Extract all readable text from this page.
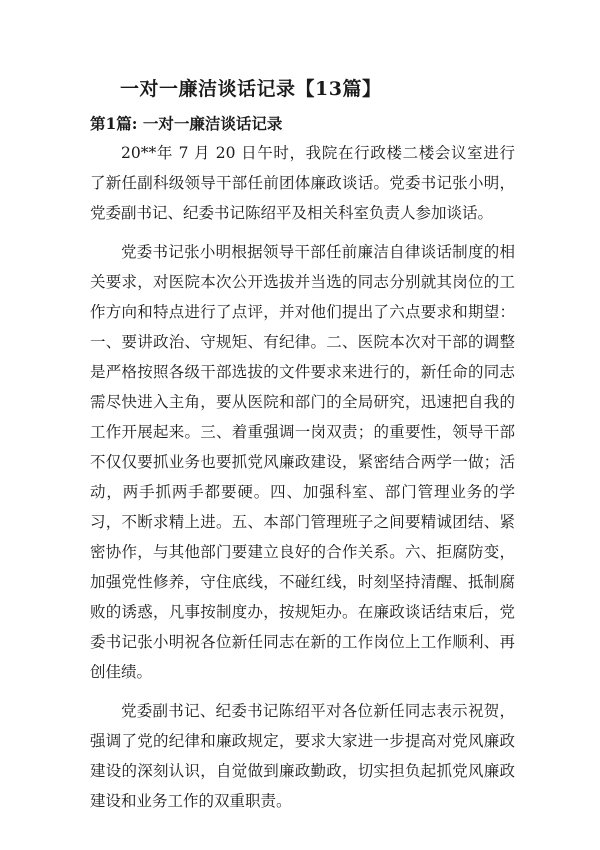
一对一廉洁谈话记录【13篇】
第1篇: 一对一廉洁谈话记录

20**年 7 月 20 日午时，我院在行政楼二楼会议室进行了新任副科级领导干部任前团体廉政谈话。党委书记张小明，党委副书记、纪委书记陈绍平及相关科室负责人参加谈话。

党委书记张小明根据领导干部任前廉洁自律谈话制度的相关要求，对医院本次公开选拔并当选的同志分别就其岗位的工作方向和特点进行了点评，并对他们提出了六点要求和期望：一、要讲政治、守规矩、有纪律。二、医院本次对干部的调整是严格按照各级干部选拔的文件要求来进行的，新任命的同志需尽快进入主角，要从医院和部门的全局研究，迅速把自我的工作开展起来。三、着重强调一岗双责；的重要性，领导干部不仅仅要抓业务也要抓党风廉政建设，紧密结合两学一做；活动，两手抓两手都要硬。四、加强科室、部门管理业务的学习，不断求精上进。五、本部门管理班子之间要精诚团结、紧密协作，与其他部门要建立良好的合作关系。六、拒腐防变，加强党性修养，守住底线，不碰红线，时刻坚持清醒、抵制腐败的诱惑，凡事按制度办，按规矩办。在廉政谈话结束后，党委书记张小明祝各位新任同志在新的工作岗位上工作顺利、再创佳绩。

党委副书记、纪委书记陈绍平对各位新任同志表示祝贺，强调了党的纪律和廉政规定，要求大家进一步提高对党风廉政建设的深刻认识，自觉做到廉政勤政，切实担负起抓党风廉政建设和业务工作的双重职责。
